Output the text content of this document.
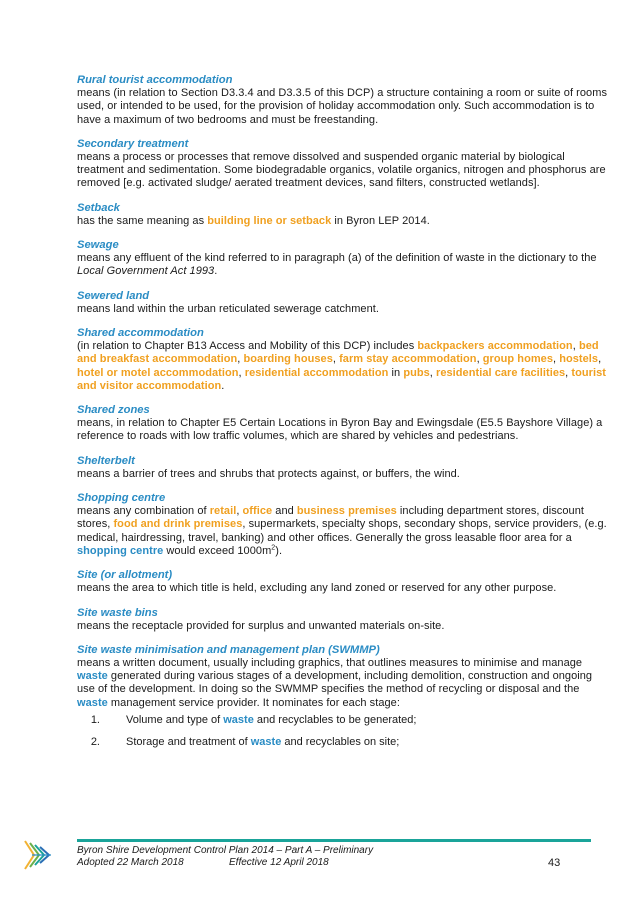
Rural tourist accommodation

means (in relation to Section D3.3.4 and D3.3.5 of this DCP) a structure containing a room or suite of rooms used, or intended to be used, for the provision of holiday accommodation only. Such accommodation is to have a maximum of two bedrooms and must be freestanding.

Secondary treatment

means a process or processes that remove dissolved and suspended organic material by biological treatment and sedimentation. Some biodegradable organics, volatile organics, nitrogen and phosphorus are removed [e.g. activated sludge/ aerated treatment devices, sand filters, constructed wetlands].

Setback

has the same meaning as building line or setback in Byron LEP 2014.

Sewage

means any effluent of the kind referred to in paragraph (a) of the definition of waste in the dictionary to the Local Government Act 1993.

Sewered land

means land within the urban reticulated sewerage catchment.

Shared accommodation

(in relation to Chapter B13 Access and Mobility of this DCP) includes backpackers accommodation, bed and breakfast accommodation, boarding houses, farm stay accommodation, group homes, hostels, hotel or motel accommodation, residential accommodation in pubs, residential care facilities, tourist and visitor accommodation.

Shared zones

means, in relation to Chapter E5 Certain Locations in Byron Bay and Ewingsdale (E5.5 Bayshore Village) a reference to roads with low traffic volumes, which are shared by vehicles and pedestrians.

Shelterbelt

means a barrier of trees and shrubs that protects against, or buffers, the wind.

Shopping centre

means any combination of retail, office and business premises including department stores, discount stores, food and drink premises, supermarkets, specialty shops, secondary shops, service providers, (e.g. medical, hairdressing, travel, banking) and other offices. Generally the gross leasable floor area for a shopping centre would exceed $1000m^2$).

Site (or allotment)

means the area to which title is held, excluding any land zoned or reserved for any other purpose.

Site waste bins

means the receptacle provided for surplus and unwanted materials on-site.

Site waste minimisation and management plan (SWMMP)

means a written document, usually including graphics, that outlines measures to minimise and manage waste generated during various stages of a development, including demolition, construction and ongoing use of the development. In doing so the SWMMP specifies the method of recycling or disposal and the waste management service provider. It nominates for each stage:

1.	Volume and type of waste and recyclables to be generated;
2.	Storage and treatment of waste and recyclables on site;
Byron Shire Development Control Plan 2014 – Part A – Preliminary
Adopted 22 March 2018	Effective 12 April 2018	43
